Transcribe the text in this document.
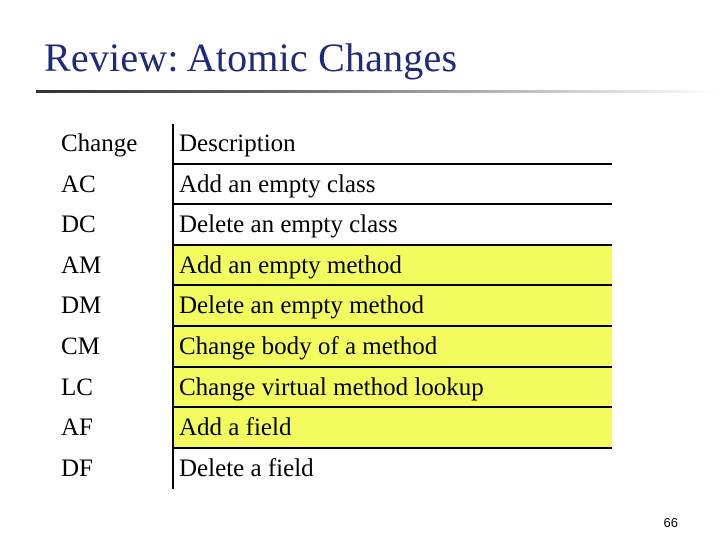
Review: Atomic Changes
Change	Description
AC	Add an empty class
DC	Delete an empty class
AM	Add an empty method
DM	Delete an empty method
CM	Change body of a method
LC	Change virtual method lookup
AF	Add a field
DF	Delete a field
66
